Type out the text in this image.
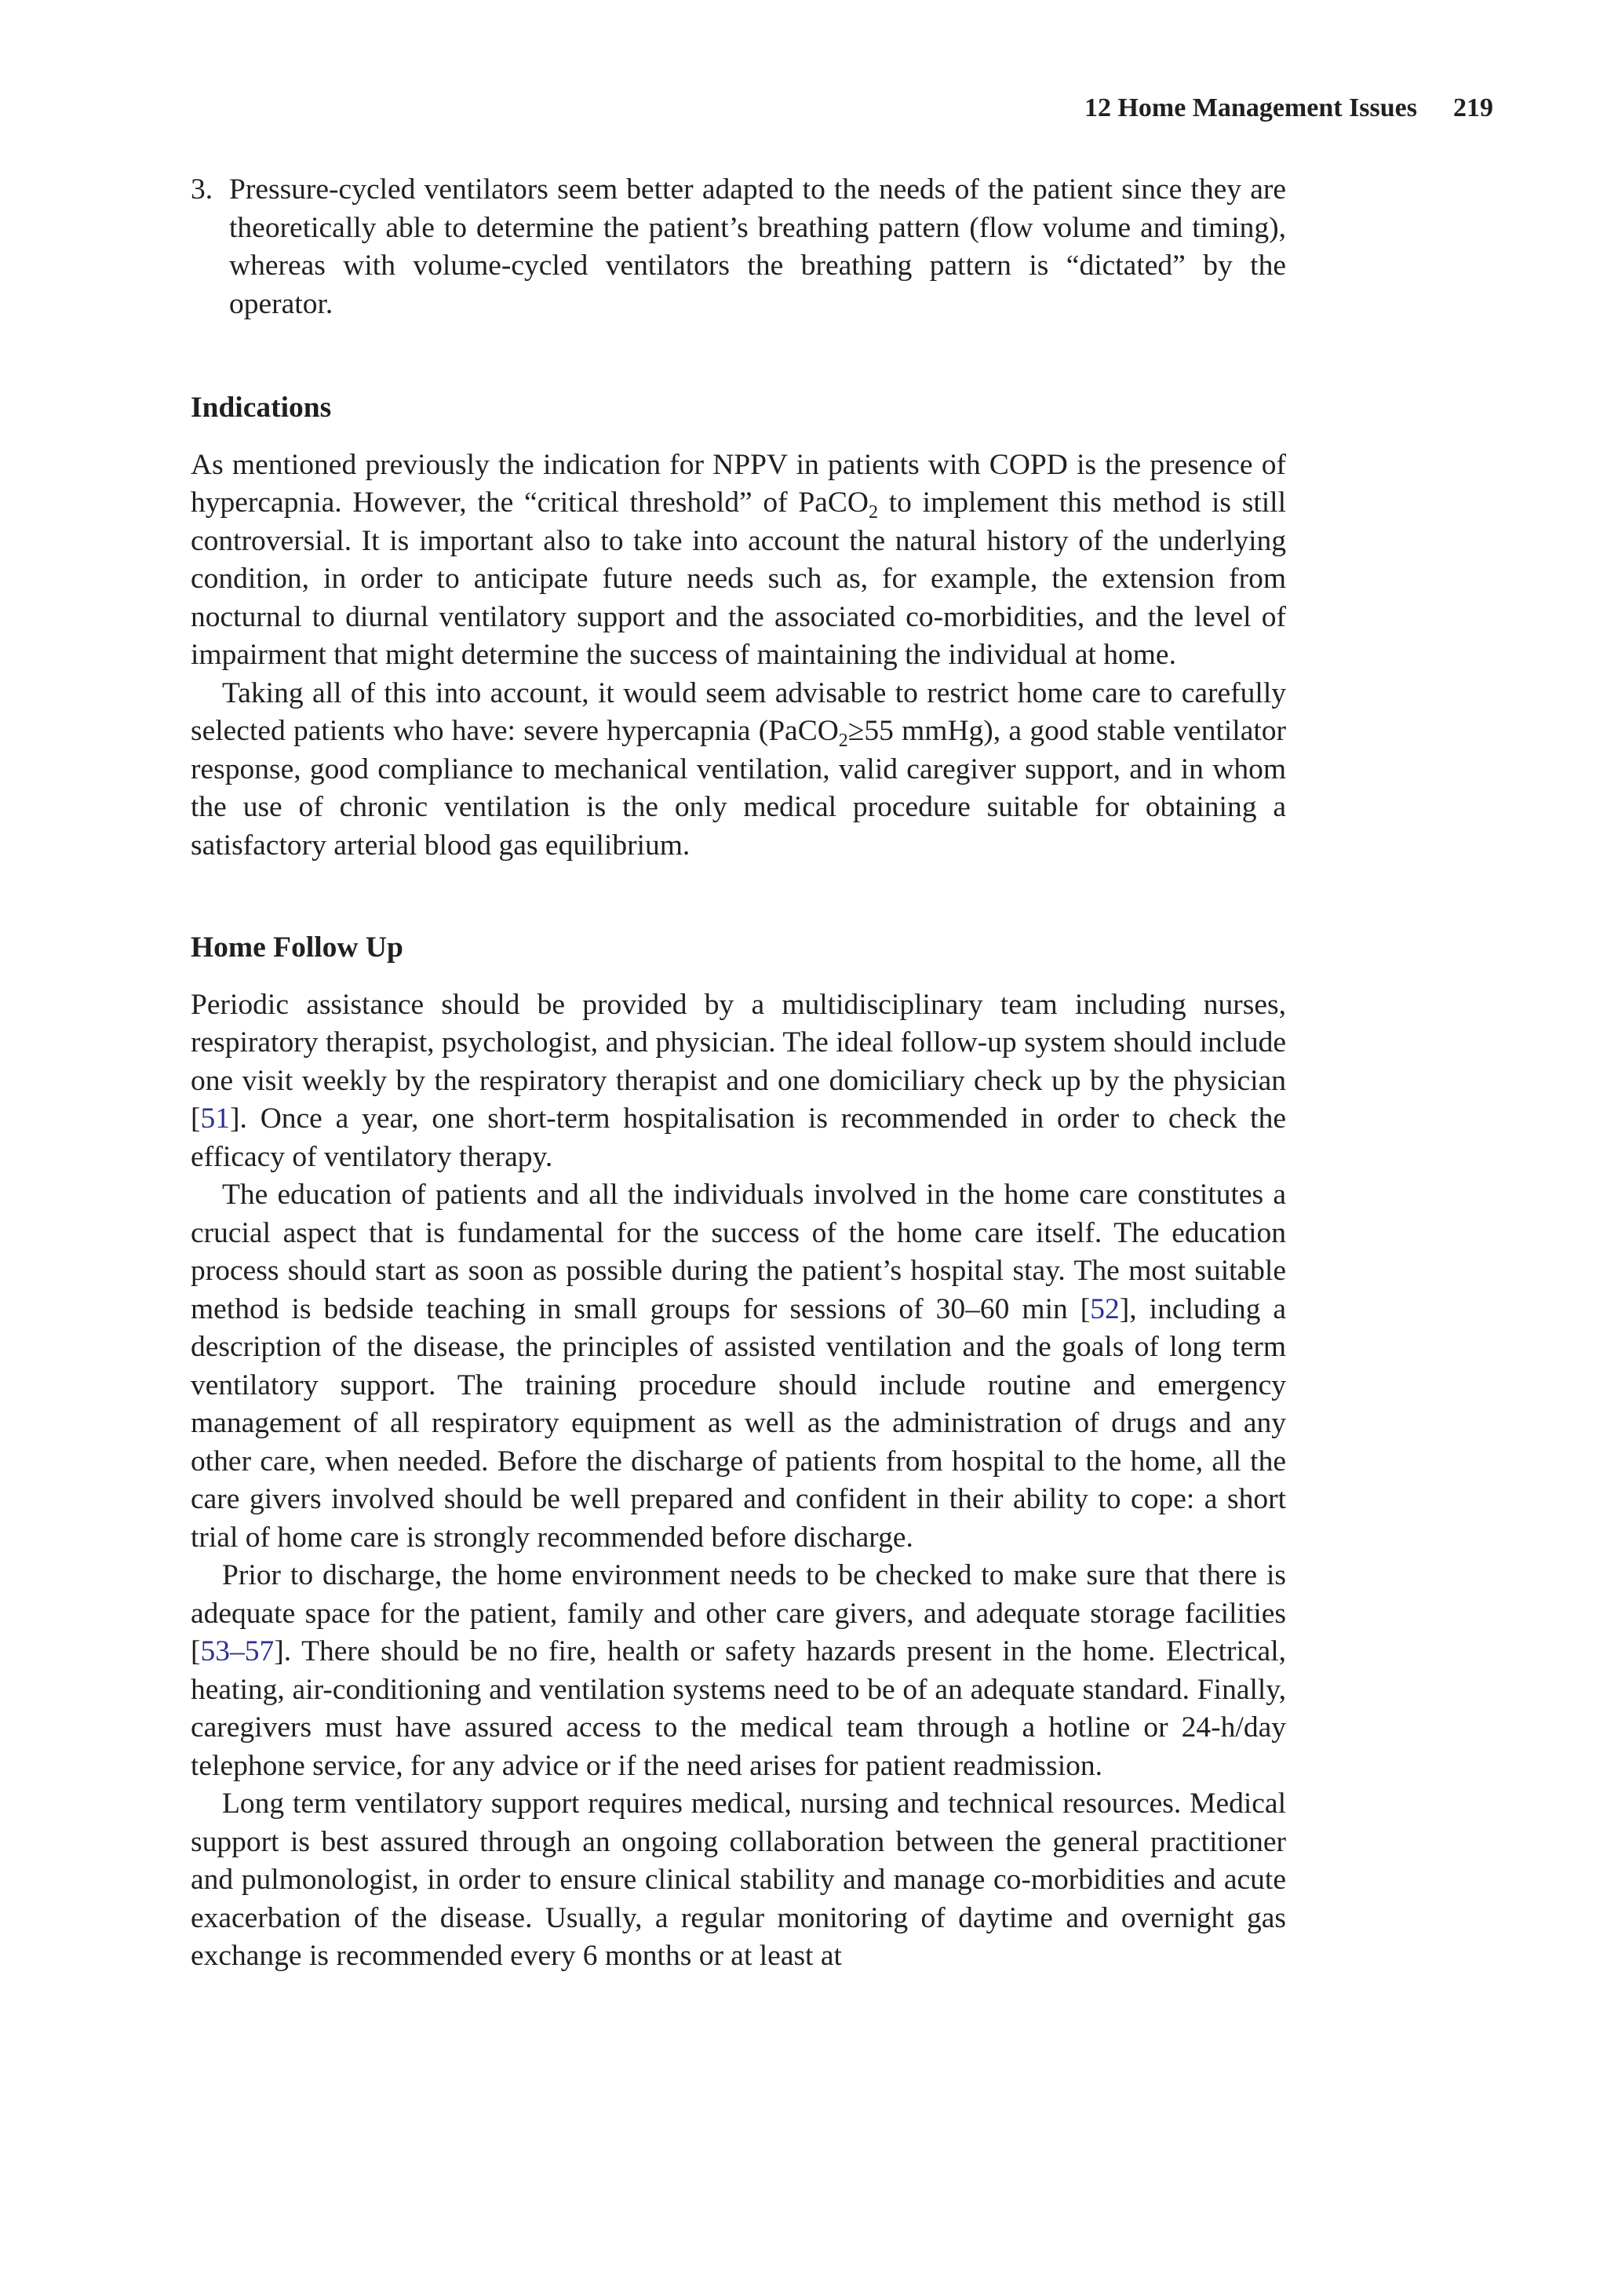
12 Home Management Issues 219

3. Pressure-cycled ventilators seem better adapted to the needs of the patient since they are theoretically able to determine the patient’s breathing pattern (flow volume and timing), whereas with volume-cycled ventilators the breathing pattern is “dictated” by the operator.

Indications

As mentioned previously the indication for NPPV in patients with COPD is the presence of hypercapnia. However, the “critical threshold” of PaCO$_2$ to implement this method is still controversial. It is important also to take into account the natural history of the underlying condition, in order to anticipate future needs such as, for example, the extension from nocturnal to diurnal ventilatory support and the associated co-morbidities, and the level of impairment that might determine the success of maintaining the individual at home.

Taking all of this into account, it would seem advisable to restrict home care to carefully selected patients who have: severe hypercapnia (PaCO$_2$≥55 mmHg), a good stable ventilator response, good compliance to mechanical ventilation, valid caregiver support, and in whom the use of chronic ventilation is the only medical procedure suitable for obtaining a satisfactory arterial blood gas equilibrium.

Home Follow Up

Periodic assistance should be provided by a multidisciplinary team including nurses, respiratory therapist, psychologist, and physician. The ideal follow-up system should include one visit weekly by the respiratory therapist and one domiciliary check up by the physician [51]. Once a year, one short-term hospitalisation is recommended in order to check the efficacy of ventilatory therapy.

The education of patients and all the individuals involved in the home care constitutes a crucial aspect that is fundamental for the success of the home care itself. The education process should start as soon as possible during the patient’s hospital stay. The most suitable method is bedside teaching in small groups for sessions of 30–60 min [52], including a description of the disease, the principles of assisted ventilation and the goals of long term ventilatory support. The training procedure should include routine and emergency management of all respiratory equipment as well as the administration of drugs and any other care, when needed. Before the discharge of patients from hospital to the home, all the care givers involved should be well prepared and confident in their ability to cope: a short trial of home care is strongly recommended before discharge.

Prior to discharge, the home environment needs to be checked to make sure that there is adequate space for the patient, family and other care givers, and adequate storage facilities [53–57]. There should be no fire, health or safety hazards present in the home. Electrical, heating, air-conditioning and ventilation systems need to be of an adequate standard. Finally, caregivers must have assured access to the medical team through a hotline or 24-h/day telephone service, for any advice or if the need arises for patient readmission.

Long term ventilatory support requires medical, nursing and technical resources. Medical support is best assured through an ongoing collaboration between the general practitioner and pulmonologist, in order to ensure clinical stability and manage co-morbidities and acute exacerbation of the disease. Usually, a regular monitoring of daytime and overnight gas exchange is recommended every 6 months or at least at
